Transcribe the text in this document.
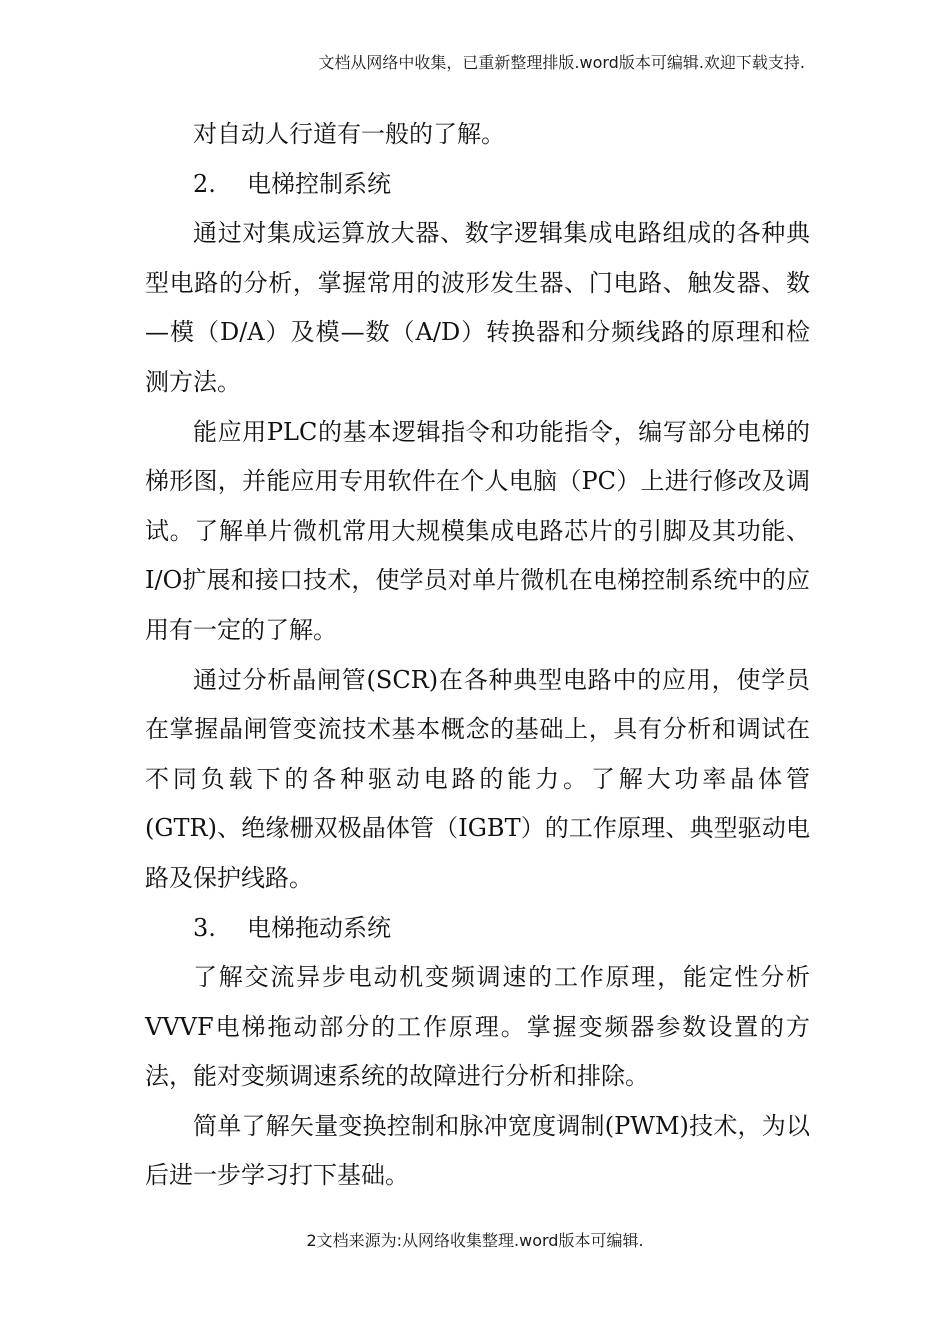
文档从网络中收集，已重新整理排版.word版本可编辑.欢迎下载支持.

对自动人行道有一般的了解。

2. 电梯控制系统

通过对集成运算放大器、数字逻辑集成电路组成的各种典型电路的分析，掌握常用的波形发生器、门电路、触发器、数—模（D/A）及模—数（A/D）转换器和分频线路的原理和检测方法。

能应用PLC的基本逻辑指令和功能指令，编写部分电梯的梯形图，并能应用专用软件在个人电脑（PC）上进行修改及调试。了解单片微机常用大规模集成电路芯片的引脚及其功能、I/O扩展和接口技术，使学员对单片微机在电梯控制系统中的应用有一定的了解。

通过分析晶闸管(SCR)在各种典型电路中的应用，使学员在掌握晶闸管变流技术基本概念的基础上，具有分析和调试在不同负载下的各种驱动电路的能力。了解大功率晶体管(GTR)、绝缘栅双极晶体管（IGBT）的工作原理、典型驱动电路及保护线路。

3. 电梯拖动系统

了解交流异步电动机变频调速的工作原理，能定性分析VVVF电梯拖动部分的工作原理。掌握变频器参数设置的方法，能对变频调速系统的故障进行分析和排除。

简单了解矢量变换控制和脉冲宽度调制(PWM)技术，为以后进一步学习打下基础。

2文档来源为:从网络收集整理.word版本可编辑.
